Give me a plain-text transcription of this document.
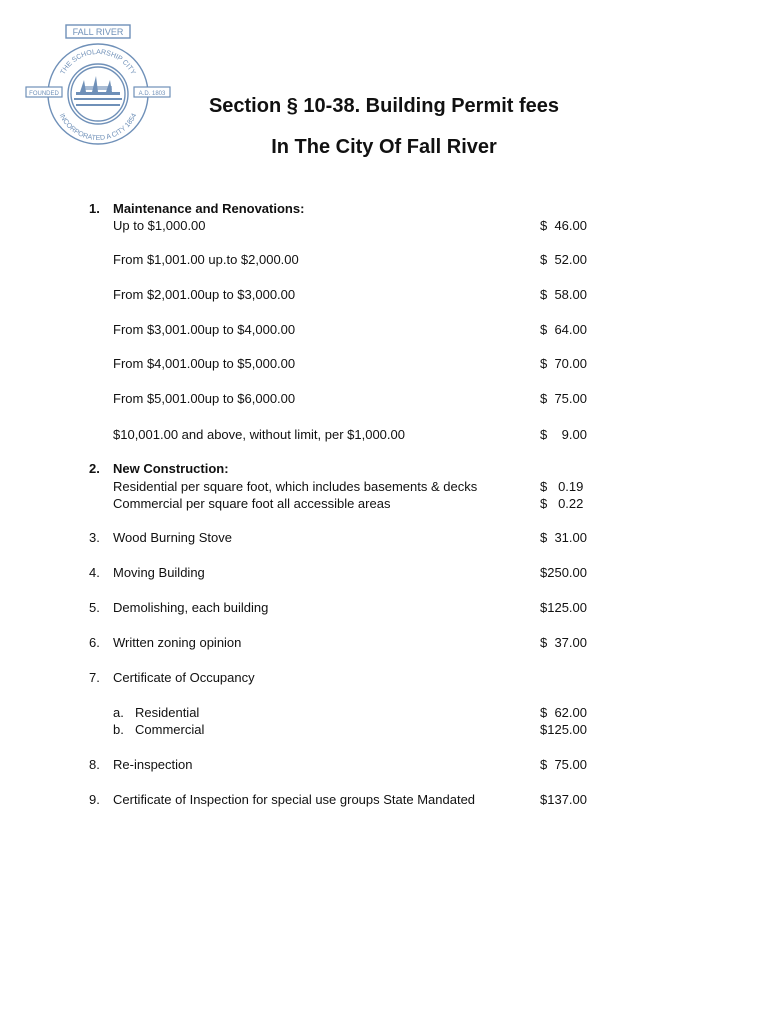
FALL RIVER
FOUNDED	A.D. 1803
THE SCHOLARSHIP CITY
INCORPORATED A CITY 1854	Section § 10-38. Building Permit fees
In The City Of Fall River
1. Maintenance and Renovations:
Up to $1,000.00	$  46.00
From $1,001.00 up.to $2,000.00	$  52.00
From $2,001.00up to $3,000.00	$  58.00
From $3,001.00up to $4,000.00	$  64.00
From $4,001.00up to $5,000.00	$  70.00
From $5,001.00up to $6,000.00	$  75.00
$10,001.00 and above, without limit, per $1,000.00	$    9.00
2. New Construction:
Residential per square foot, which includes basements & decks	$   0.19
Commercial per square foot all accessible areas	$   0.22
3. Wood Burning Stove	$  31.00
4. Moving Building	$250.00
5. Demolishing, each building	$125.00
6. Written zoning opinion	$  37.00
7. Certificate of Occupancy
a. Residential	$  62.00
b. Commercial	$125.00
8. Re-inspection	$  75.00
9. Certificate of Inspection for special use groups State Mandated	$137.00
